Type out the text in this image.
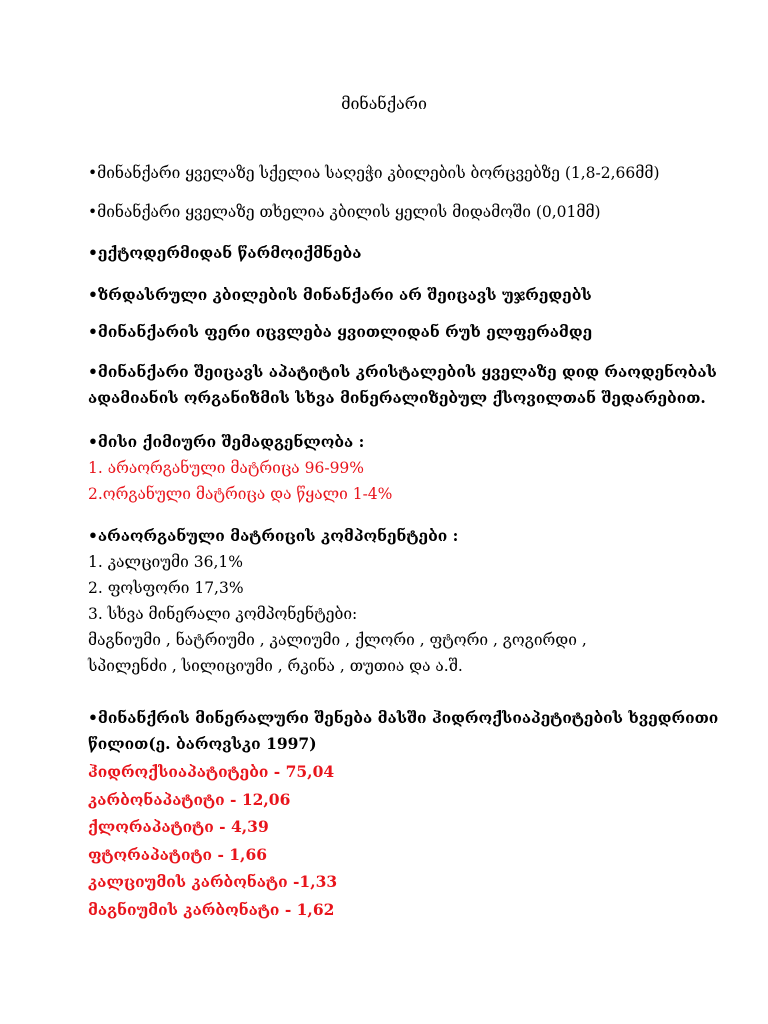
მინანქარი
•მინანქარი ყველაზე სქელია საღეჭი კბილების ბორცვებზე (1,8-2,66მმ)
•მინანქარი ყველაზე თხელია კბილის ყელის მიდამოში (0,01მმ)
•ექტოდერმიდან წარმოიქმნება
•ზრდასრული კბილების მინანქარი არ შეიცავს უჯრედებს
•მინანქარის ფერი იცვლება ყვითლიდან რუხ ელფერამდე
•მინანქარი შეიცავს აპატიტის კრისტალების ყველაზე დიდ რაოდენობას
ადამიანის ორგანიზმის სხვა მინერალიზებულ ქსოვილთან შედარებით.
•მისი ქიმიური შემადგენლობა :
1. არაორგანული მატრიცა 96-99%
2.ორგანული მატრიცა და წყალი 1-4%
•არაორგანული მატრიცის კომპონენტები :
1. კალციუმი 36,1%
2. ფოსფორი 17,3%
3. სხვა მინერალი კომპონენტები:
მაგნიუმი , ნატრიუმი , კალიუმი , ქლორი , ფტორი , გოგირდი ,
სპილენძი , სილიციუმი , რკინა , თუთია და ა.შ.
•მინანქრის მინერალური შენება მასში ჰიდროქსიაპეტიტების ხვედრითი
წილით(ე. ბაროვსკი 1997)
ჰიდროქსიაპატიტები - 75,04
კარბონაპატიტი - 12,06
ქლორაპატიტი - 4,39
ფტორაპატიტი - 1,66
კალციუმის კარბონატი -1,33
მაგნიუმის კარბონატი - 1,62
